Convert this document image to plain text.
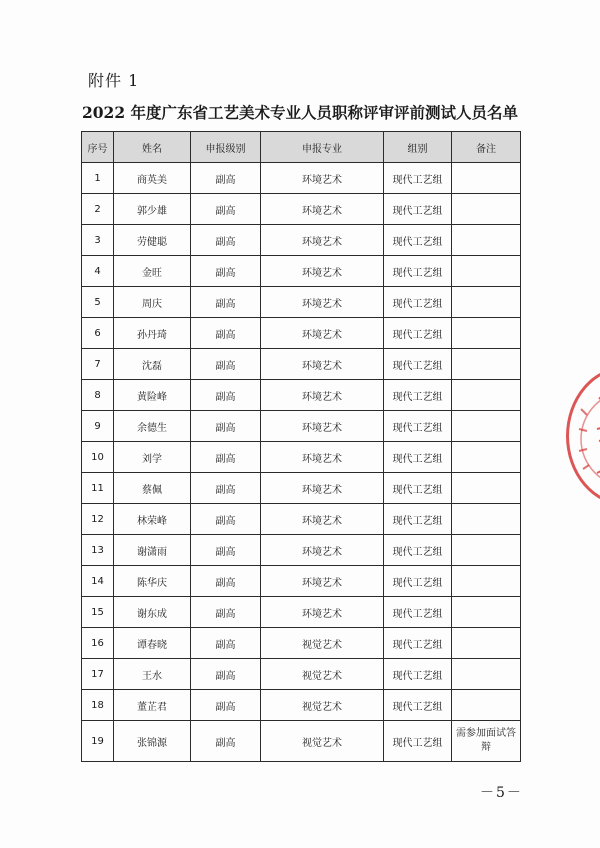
附件 1
2022 年度广东省工艺美术专业人员职称评审评前测试人员名单
序号	姓名	申报级别	申报专业	组别	备注
1	商英美	副高	环境艺术	现代工艺组	
2	郭少雄	副高	环境艺术	现代工艺组	
3	劳健聪	副高	环境艺术	现代工艺组	
4	金旺	副高	环境艺术	现代工艺组	
5	周庆	副高	环境艺术	现代工艺组	
6	孙丹琦	副高	环境艺术	现代工艺组	
7	沈磊	副高	环境艺术	现代工艺组	
8	黄险峰	副高	环境艺术	现代工艺组	
9	余德生	副高	环境艺术	现代工艺组	
10	刘学	副高	环境艺术	现代工艺组	
11	蔡佩	副高	环境艺术	现代工艺组	
12	林荣峰	副高	环境艺术	现代工艺组	
13	谢潇雨	副高	环境艺术	现代工艺组	
14	陈华庆	副高	环境艺术	现代工艺组	
15	谢东成	副高	环境艺术	现代工艺组	
16	谭春晓	副高	视觉艺术	现代工艺组	
17	王水	副高	视觉艺术	现代工艺组	
18	董芷君	副高	视觉艺术	现代工艺组	
19	张锦源	副高	视觉艺术	现代工艺组	需参加面试答辩
－5－
